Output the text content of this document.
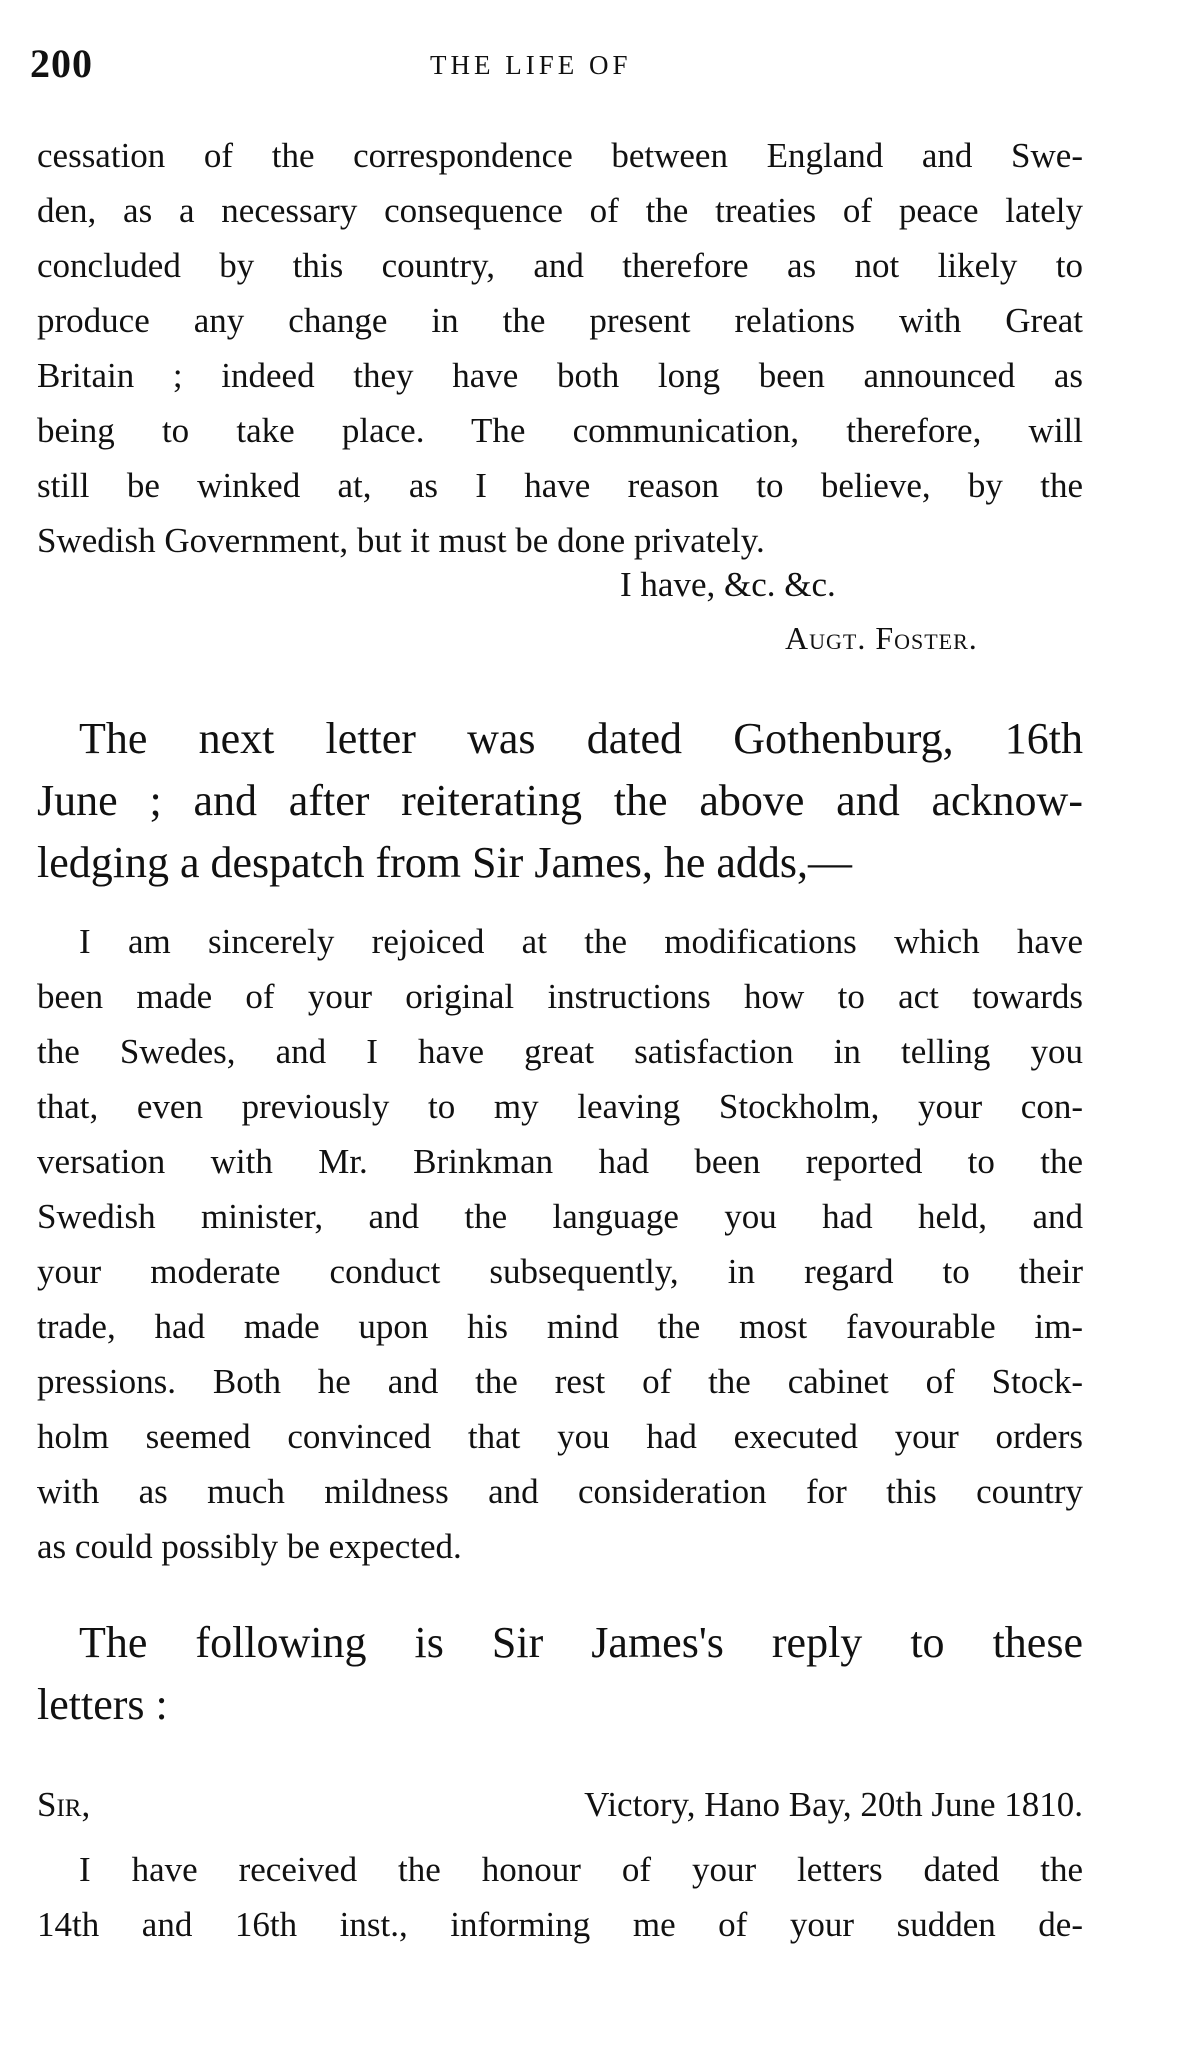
200	THE LIFE OF

cessation of the correspondence between England and Swe-

den, as a necessary consequence of the treaties of peace lately

concluded by this country, and therefore as not likely to

produce any change in the present relations with Great

Britain ; indeed they have both long been announced as

being to take place. The communication, therefore, will

still be winked at, as I have reason to believe, by the

Swedish Government, but it must be done privately.

I have, &c. &c.
Augt. Foster.

The next letter was dated Gothenburg, 16th

June ; and after reiterating the above and acknow-

ledging a despatch from Sir James, he adds,—

I am sincerely rejoiced at the modifications which have

been made of your original instructions how to act towards

the Swedes, and I have great satisfaction in telling you

that, even previously to my leaving Stockholm, your con-

versation with Mr. Brinkman had been reported to the

Swedish minister, and the language you had held, and

your moderate conduct subsequently, in regard to their

trade, had made upon his mind the most favourable im-

pressions. Both he and the rest of the cabinet of Stock-

holm seemed convinced that you had executed your orders

with as much mildness and consideration for this country

as could possibly be expected.

The following is Sir James's reply to these

letters :

Sir,	Victory, Hano Bay, 20th June 1810.

I have received the honour of your letters dated the

14th and 16th inst., informing me of your sudden de-
